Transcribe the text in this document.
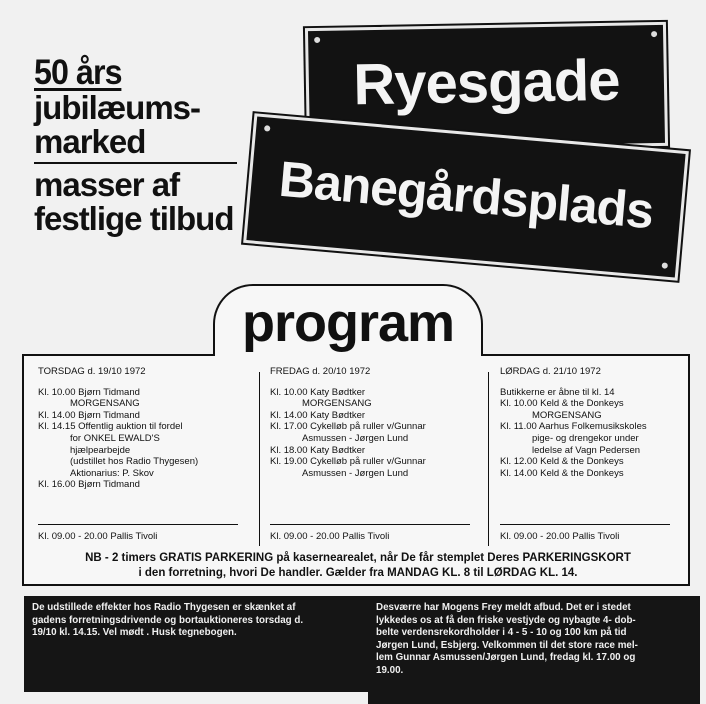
50 års
jubilæums-
marked
masser af
festlige tilbud
Ryesgade
Banegårdsplads
program
TORSDAG d. 19/10 1972
Kl. 10.00 Bjørn Tidmand
MORGENSANG
Kl. 14.00 Bjørn Tidmand
Kl. 14.15 Offentlig auktion til fordel
for ONKEL EWALD'S
hjælpearbejde
(udstillet hos Radio Thygesen)
Aktionarius: P. Skov
Kl. 16.00 Bjørn Tidmand
Kl. 09.00 - 20.00 Pallis Tivoli
FREDAG d. 20/10 1972
Kl. 10.00 Katy Bødtker
MORGENSANG
Kl. 14.00 Katy Bødtker
Kl. 17.00 Cykelløb på ruller v/Gunnar
Asmussen - Jørgen Lund
Kl. 18.00 Katy Bødtker
Kl. 19.00 Cykelløb på ruller v/Gunnar
Asmussen - Jørgen Lund
Kl. 09.00 - 20.00 Pallis Tivoli
LØRDAG d. 21/10 1972
Butikkerne er åbne til kl. 14
Kl. 10.00 Keld & the Donkeys
MORGENSANG
Kl. 11.00 Aarhus Folkemusikskoles
pige- og drengekor under
ledelse af Vagn Pedersen
Kl. 12.00 Keld & the Donkeys
Kl. 14.00 Keld & the Donkeys
Kl. 09.00 - 20.00 Pallis Tivoli
NB - 2 timers GRATIS PARKERING på kasernearealet, når De får stemplet Deres PARKERINGSKORT
i den forretning, hvori De handler. Gælder fra MANDAG KL. 8 til LØRDAG KL. 14.
De udstillede effekter hos Radio Thygesen er skænket af
gadens forretningsdrivende og bortauktioneres torsdag d.
19/10 kl. 14.15. Vel mødt . Husk tegnebogen.
Desværre har Mogens Frey meldt afbud. Det er i stedet
lykkedes os at få den friske vestjyde og nybagte 4- dob-
belte verdensrekordholder i 4 - 5 - 10 og 100 km på tid
Jørgen Lund, Esbjerg. Velkommen til det store race mel-
lem Gunnar Asmussen/Jørgen Lund, fredag kl. 17.00 og
19.00.
